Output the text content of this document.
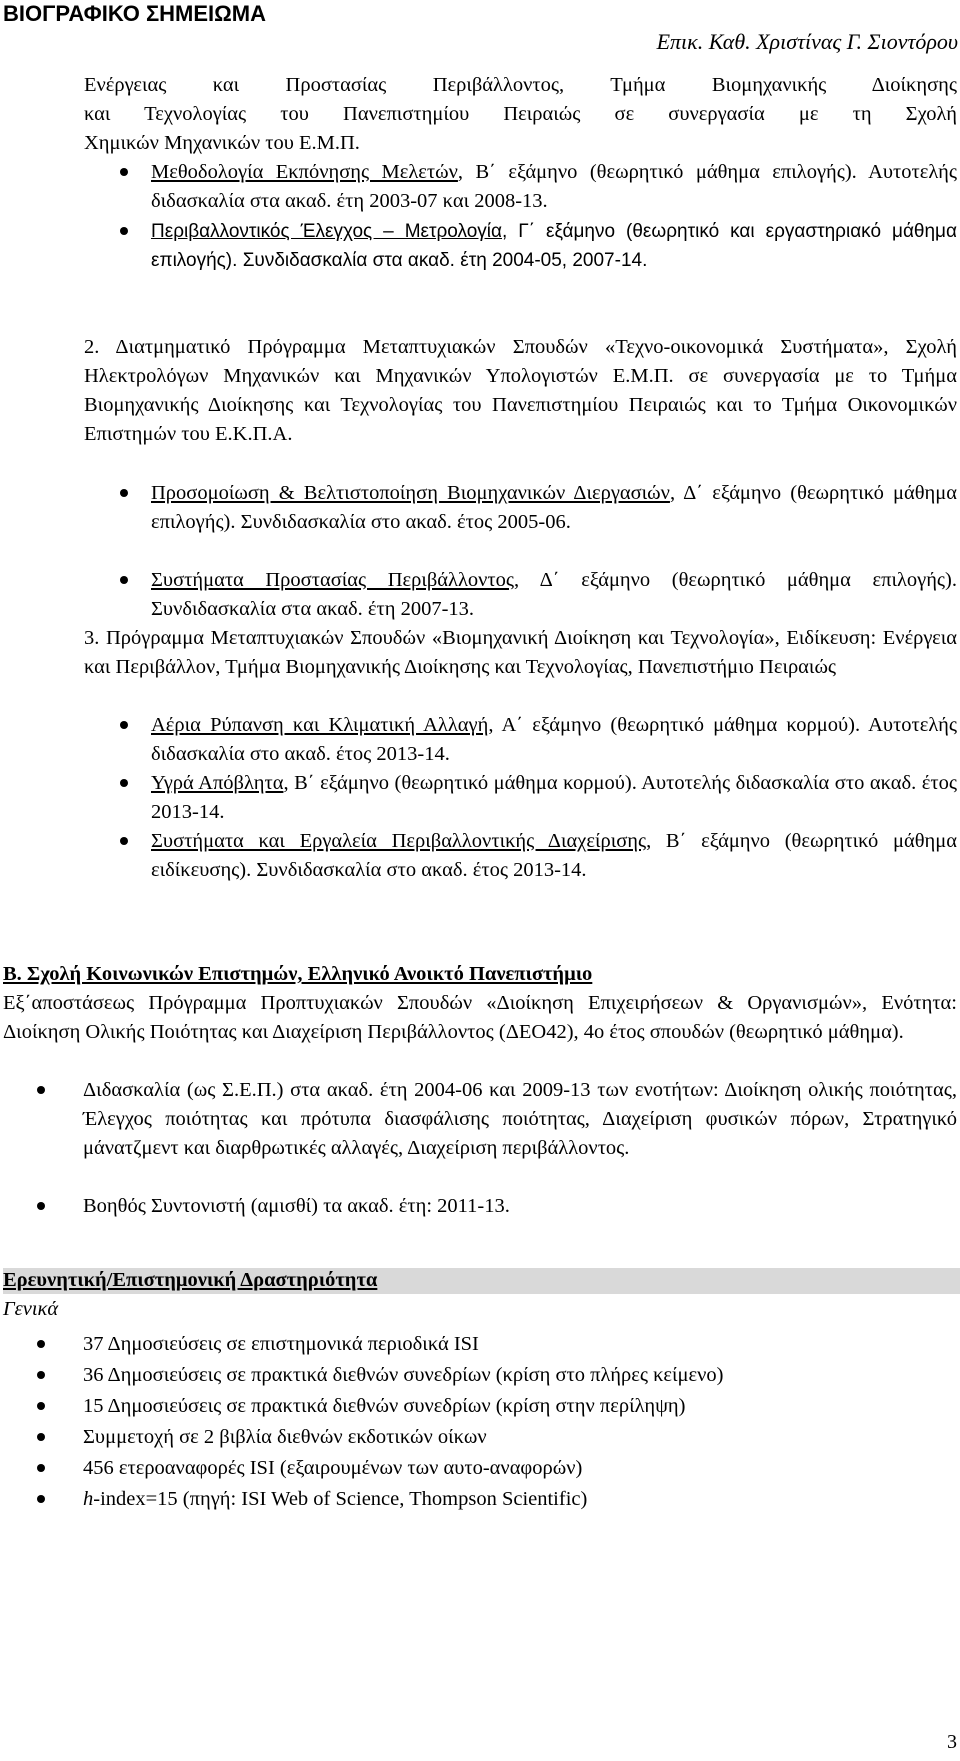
ΒΙΟΓΡΑΦΙΚΟ ΣΗΜΕΙΩΜΑ
Επικ. Καθ. Χριστίνας Γ. Σιοντόρου
Ενέργειας και Προστασίας Περιβάλλοντος, Τμήμα Βιομηχανικής Διοίκησης
και Τεχνολογίας του Πανεπιστημίου Πειραιώς σε συνεργασία με τη Σχολή
Χημικών Μηχανικών του Ε.Μ.Π.
Μεθοδολογία Εκπόνησης Μελετών, Β΄ εξάμηνο (θεωρητικό μάθημα επιλογής). Αυτοτελής διδασκαλία στα ακαδ. έτη 2003-07 και 2008-13.
Περιβαλλοντικός Έλεγχος – Μετρολογία, Γ΄ εξάμηνο (θεωρητικό και εργαστηριακό μάθημα επιλογής). Συνδιδασκαλία στα ακαδ. έτη 2004-05, 2007-14.
2. Διατμηματικό Πρόγραμμα Μεταπτυχιακών Σπουδών «Τεχνο-οικονομικά Συστήματα», Σχολή Ηλεκτρολόγων Μηχανικών και Μηχανικών Υπολογιστών Ε.Μ.Π. σε συνεργασία με το Τμήμα Βιομηχανικής Διοίκησης και Τεχνολογίας του Πανεπιστημίου Πειραιώς και το Τμήμα Οικονομικών Επιστημών του Ε.Κ.Π.Α.
Προσομοίωση & Βελτιστοποίηση Βιομηχανικών Διεργασιών, Δ΄ εξάμηνο (θεωρητικό μάθημα επιλογής). Συνδιδασκαλία στο ακαδ. έτος 2005-06.
Συστήματα Προστασίας Περιβάλλοντος, Δ΄ εξάμηνο (θεωρητικό μάθημα επιλογής). Συνδιδασκαλία στα ακαδ. έτη 2007-13.
3. Πρόγραμμα Μεταπτυχιακών Σπουδών «Βιομηχανική Διοίκηση και Τεχνολογία», Ειδίκευση: Ενέργεια και Περιβάλλον, Τμήμα Βιομηχανικής Διοίκησης και Τεχνολογίας, Πανεπιστήμιο Πειραιώς
Αέρια Ρύπανση και Κλιματική Αλλαγή, Α΄ εξάμηνο (θεωρητικό μάθημα κορμού). Αυτοτελής διδασκαλία στο ακαδ. έτος 2013-14.
Υγρά Απόβλητα, Β΄ εξάμηνο (θεωρητικό μάθημα κορμού). Αυτοτελής διδασκαλία στο ακαδ. έτος 2013-14.
Συστήματα και Εργαλεία Περιβαλλοντικής Διαχείρισης, Β΄ εξάμηνο (θεωρητικό μάθημα ειδίκευσης). Συνδιδασκαλία στο ακαδ. έτος 2013-14.
Β. Σχολή Κοινωνικών Επιστημών, Ελληνικό Ανοικτό Πανεπιστήμιο
Εξ΄αποστάσεως Πρόγραμμα Προπτυχιακών Σπουδών «Διοίκηση Επιχειρήσεων & Οργανισμών», Ενότητα: Διοίκηση Ολικής Ποιότητας και Διαχείριση Περιβάλλοντος (ΔΕΟ42), 4ο έτος σπουδών (θεωρητικό μάθημα).
Διδασκαλία (ως Σ.Ε.Π.) στα ακαδ. έτη 2004-06 και 2009-13 των ενοτήτων: Διοίκηση ολικής ποιότητας, Έλεγχος ποιότητας και πρότυπα διασφάλισης ποιότητας, Διαχείριση φυσικών πόρων, Στρατηγικό μάνατζμεντ και διαρθρωτικές αλλαγές, Διαχείριση περιβάλλοντος.
Βοηθός Συντονιστή (αμισθί) τα ακαδ. έτη: 2011-13.
Ερευνητική/Επιστημονική Δραστηριότητα
Γενικά
37 Δημοσιεύσεις σε επιστημονικά περιοδικά ISI
36 Δημοσιεύσεις σε πρακτικά διεθνών συνεδρίων (κρίση στο πλήρες κείμενο)
15 Δημοσιεύσεις σε πρακτικά διεθνών συνεδρίων (κρίση στην περίληψη)
Συμμετοχή σε 2 βιβλία διεθνών εκδοτικών οίκων
456 ετεροαναφορές ISI (εξαιρουμένων των αυτο-αναφορών)
h-index=15 (πηγή: ISI Web of Science, Thompson Scientific)
3
